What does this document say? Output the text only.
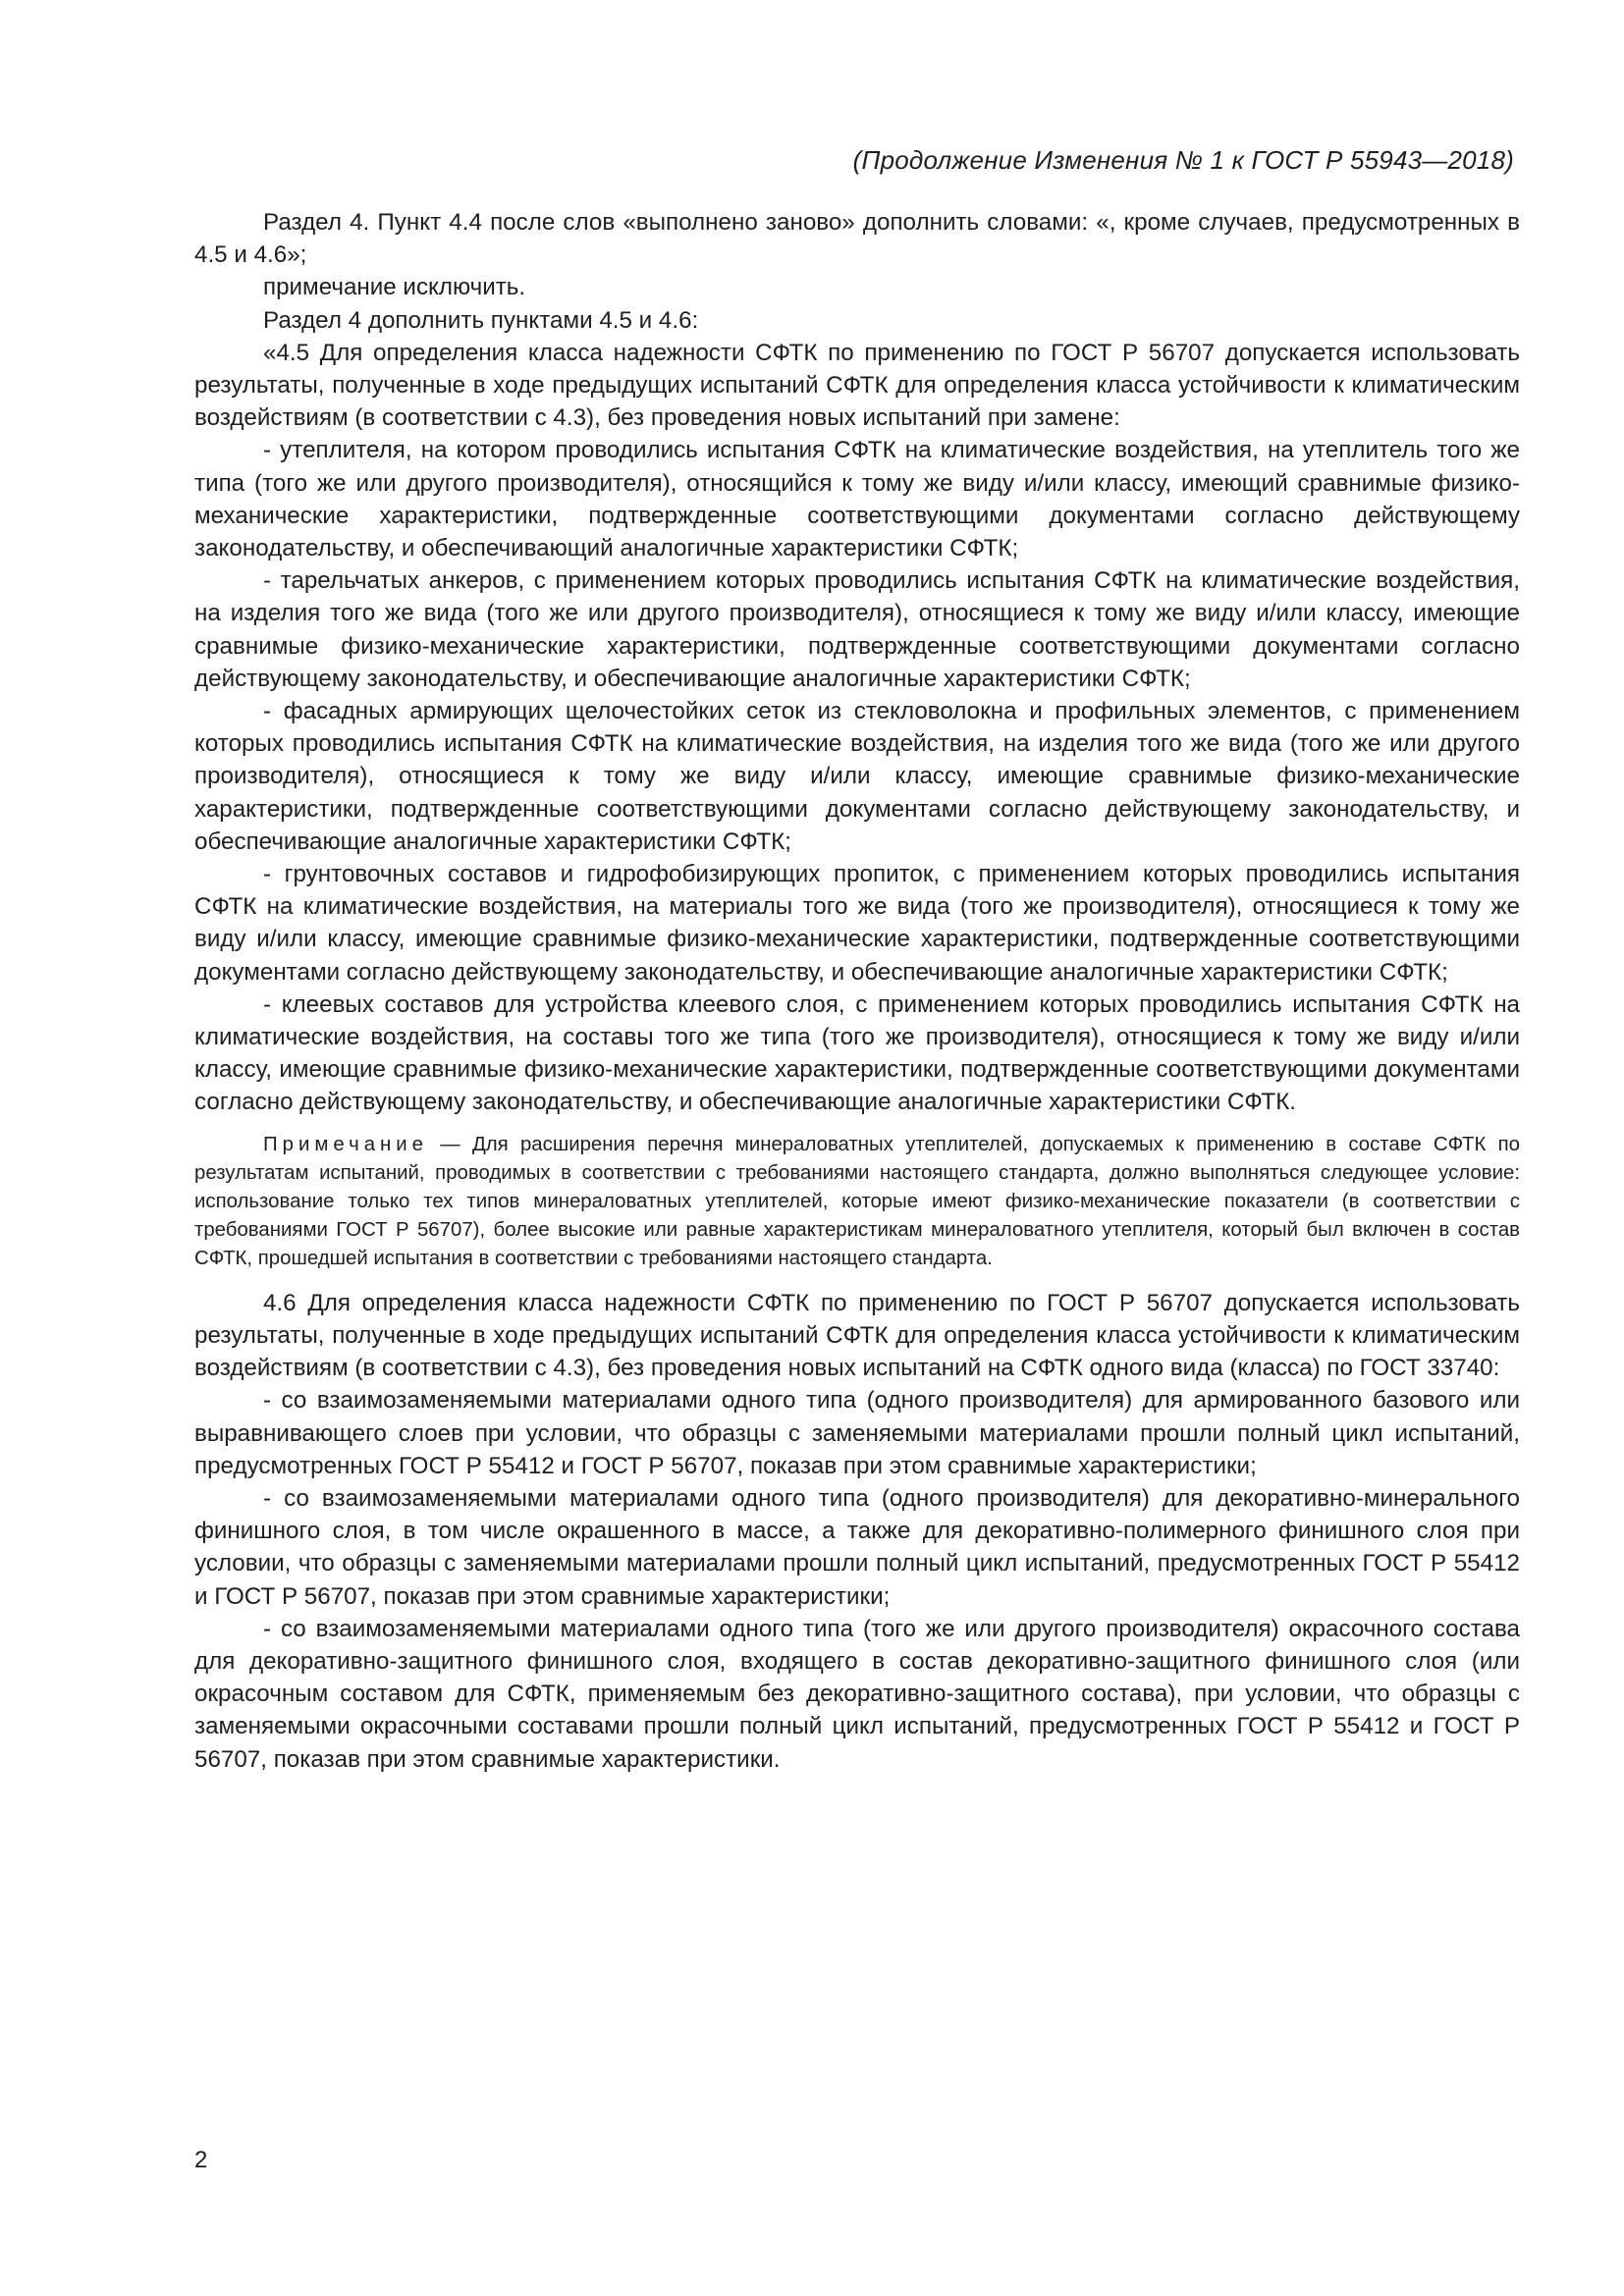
(Продолжение Изменения № 1 к ГОСТ Р 55943—2018)

Раздел 4. Пункт 4.4 после слов «выполнено заново» дополнить словами: «, кроме случаев, предусмотренных в 4.5 и 4.6»;

примечание исключить.

Раздел 4 дополнить пунктами 4.5 и 4.6:

«4.5 Для определения класса надежности СФТК по применению по ГОСТ Р 56707 допускается использовать результаты, полученные в ходе предыдущих испытаний СФТК для определения класса устойчивости к климатическим воздействиям (в соответствии с 4.3), без проведения новых испытаний при замене:

- утеплителя, на котором проводились испытания СФТК на климатические воздействия, на утеплитель того же типа (того же или другого производителя), относящийся к тому же виду и/или классу, имеющий сравнимые физико-механические характеристики, подтвержденные соответствующими документами согласно действующему законодательству, и обеспечивающий аналогичные характеристики СФТК;

- тарельчатых анкеров, с применением которых проводились испытания СФТК на климатические воздействия, на изделия того же вида (того же или другого производителя), относящиеся к тому же виду и/или классу, имеющие сравнимые физико-механические характеристики, подтвержденные соответствующими документами согласно действующему законодательству, и обеспечивающие аналогичные характеристики СФТК;

- фасадных армирующих щелочестойких сеток из стекловолокна и профильных элементов, с применением которых проводились испытания СФТК на климатические воздействия, на изделия того же вида (того же или другого производителя), относящиеся к тому же виду и/или классу, имеющие сравнимые физико-механические характеристики, подтвержденные соответствующими документами согласно действующему законодательству, и обеспечивающие аналогичные характеристики СФТК;

- грунтовочных составов и гидрофобизирующих пропиток, с применением которых проводились испытания СФТК на климатические воздействия, на материалы того же вида (того же производителя), относящиеся к тому же виду и/или классу, имеющие сравнимые физико-механические характеристики, подтвержденные соответствующими документами согласно действующему законодательству, и обеспечивающие аналогичные характеристики СФТК;

- клеевых составов для устройства клеевого слоя, с применением которых проводились испытания СФТК на климатические воздействия, на составы того же типа (того же производителя), относящиеся к тому же виду и/или классу, имеющие сравнимые физико-механические характеристики, подтвержденные соответствующими документами согласно действующему законодательству, и обеспечивающие аналогичные характеристики СФТК.

Примечание — Для расширения перечня минераловатных утеплителей, допускаемых к применению в составе СФТК по результатам испытаний, проводимых в соответствии с требованиями настоящего стандарта, должно выполняться следующее условие: использование только тех типов минераловатных утеплителей, которые имеют физико-механические показатели (в соответствии с требованиями ГОСТ Р 56707), более высокие или равные характеристикам минераловатного утеплителя, который был включен в состав СФТК, прошедшей испытания в соответствии с требованиями настоящего стандарта.

4.6 Для определения класса надежности СФТК по применению по ГОСТ Р 56707 допускается использовать результаты, полученные в ходе предыдущих испытаний СФТК для определения класса устойчивости к климатическим воздействиям (в соответствии с 4.3), без проведения новых испытаний на СФТК одного вида (класса) по ГОСТ 33740:

- со взаимозаменяемыми материалами одного типа (одного производителя) для армированного базового или выравнивающего слоев при условии, что образцы с заменяемыми материалами прошли полный цикл испытаний, предусмотренных ГОСТ Р 55412 и ГОСТ Р 56707, показав при этом сравнимые характеристики;

- со взаимозаменяемыми материалами одного типа (одного производителя) для декоративно-минерального финишного слоя, в том числе окрашенного в массе, а также для декоративно-полимерного финишного слоя при условии, что образцы с заменяемыми материалами прошли полный цикл испытаний, предусмотренных ГОСТ Р 55412 и ГОСТ Р 56707, показав при этом сравнимые характеристики;

- со взаимозаменяемыми материалами одного типа (того же или другого производителя) окрасочного состава для декоративно-защитного финишного слоя, входящего в состав декоративно-защитного финишного слоя (или окрасочным составом для СФТК, применяемым без декоративно-защитного состава), при условии, что образцы с заменяемыми окрасочными составами прошли полный цикл испытаний, предусмотренных ГОСТ Р 55412 и ГОСТ Р 56707, показав при этом сравнимые характеристики.

2
